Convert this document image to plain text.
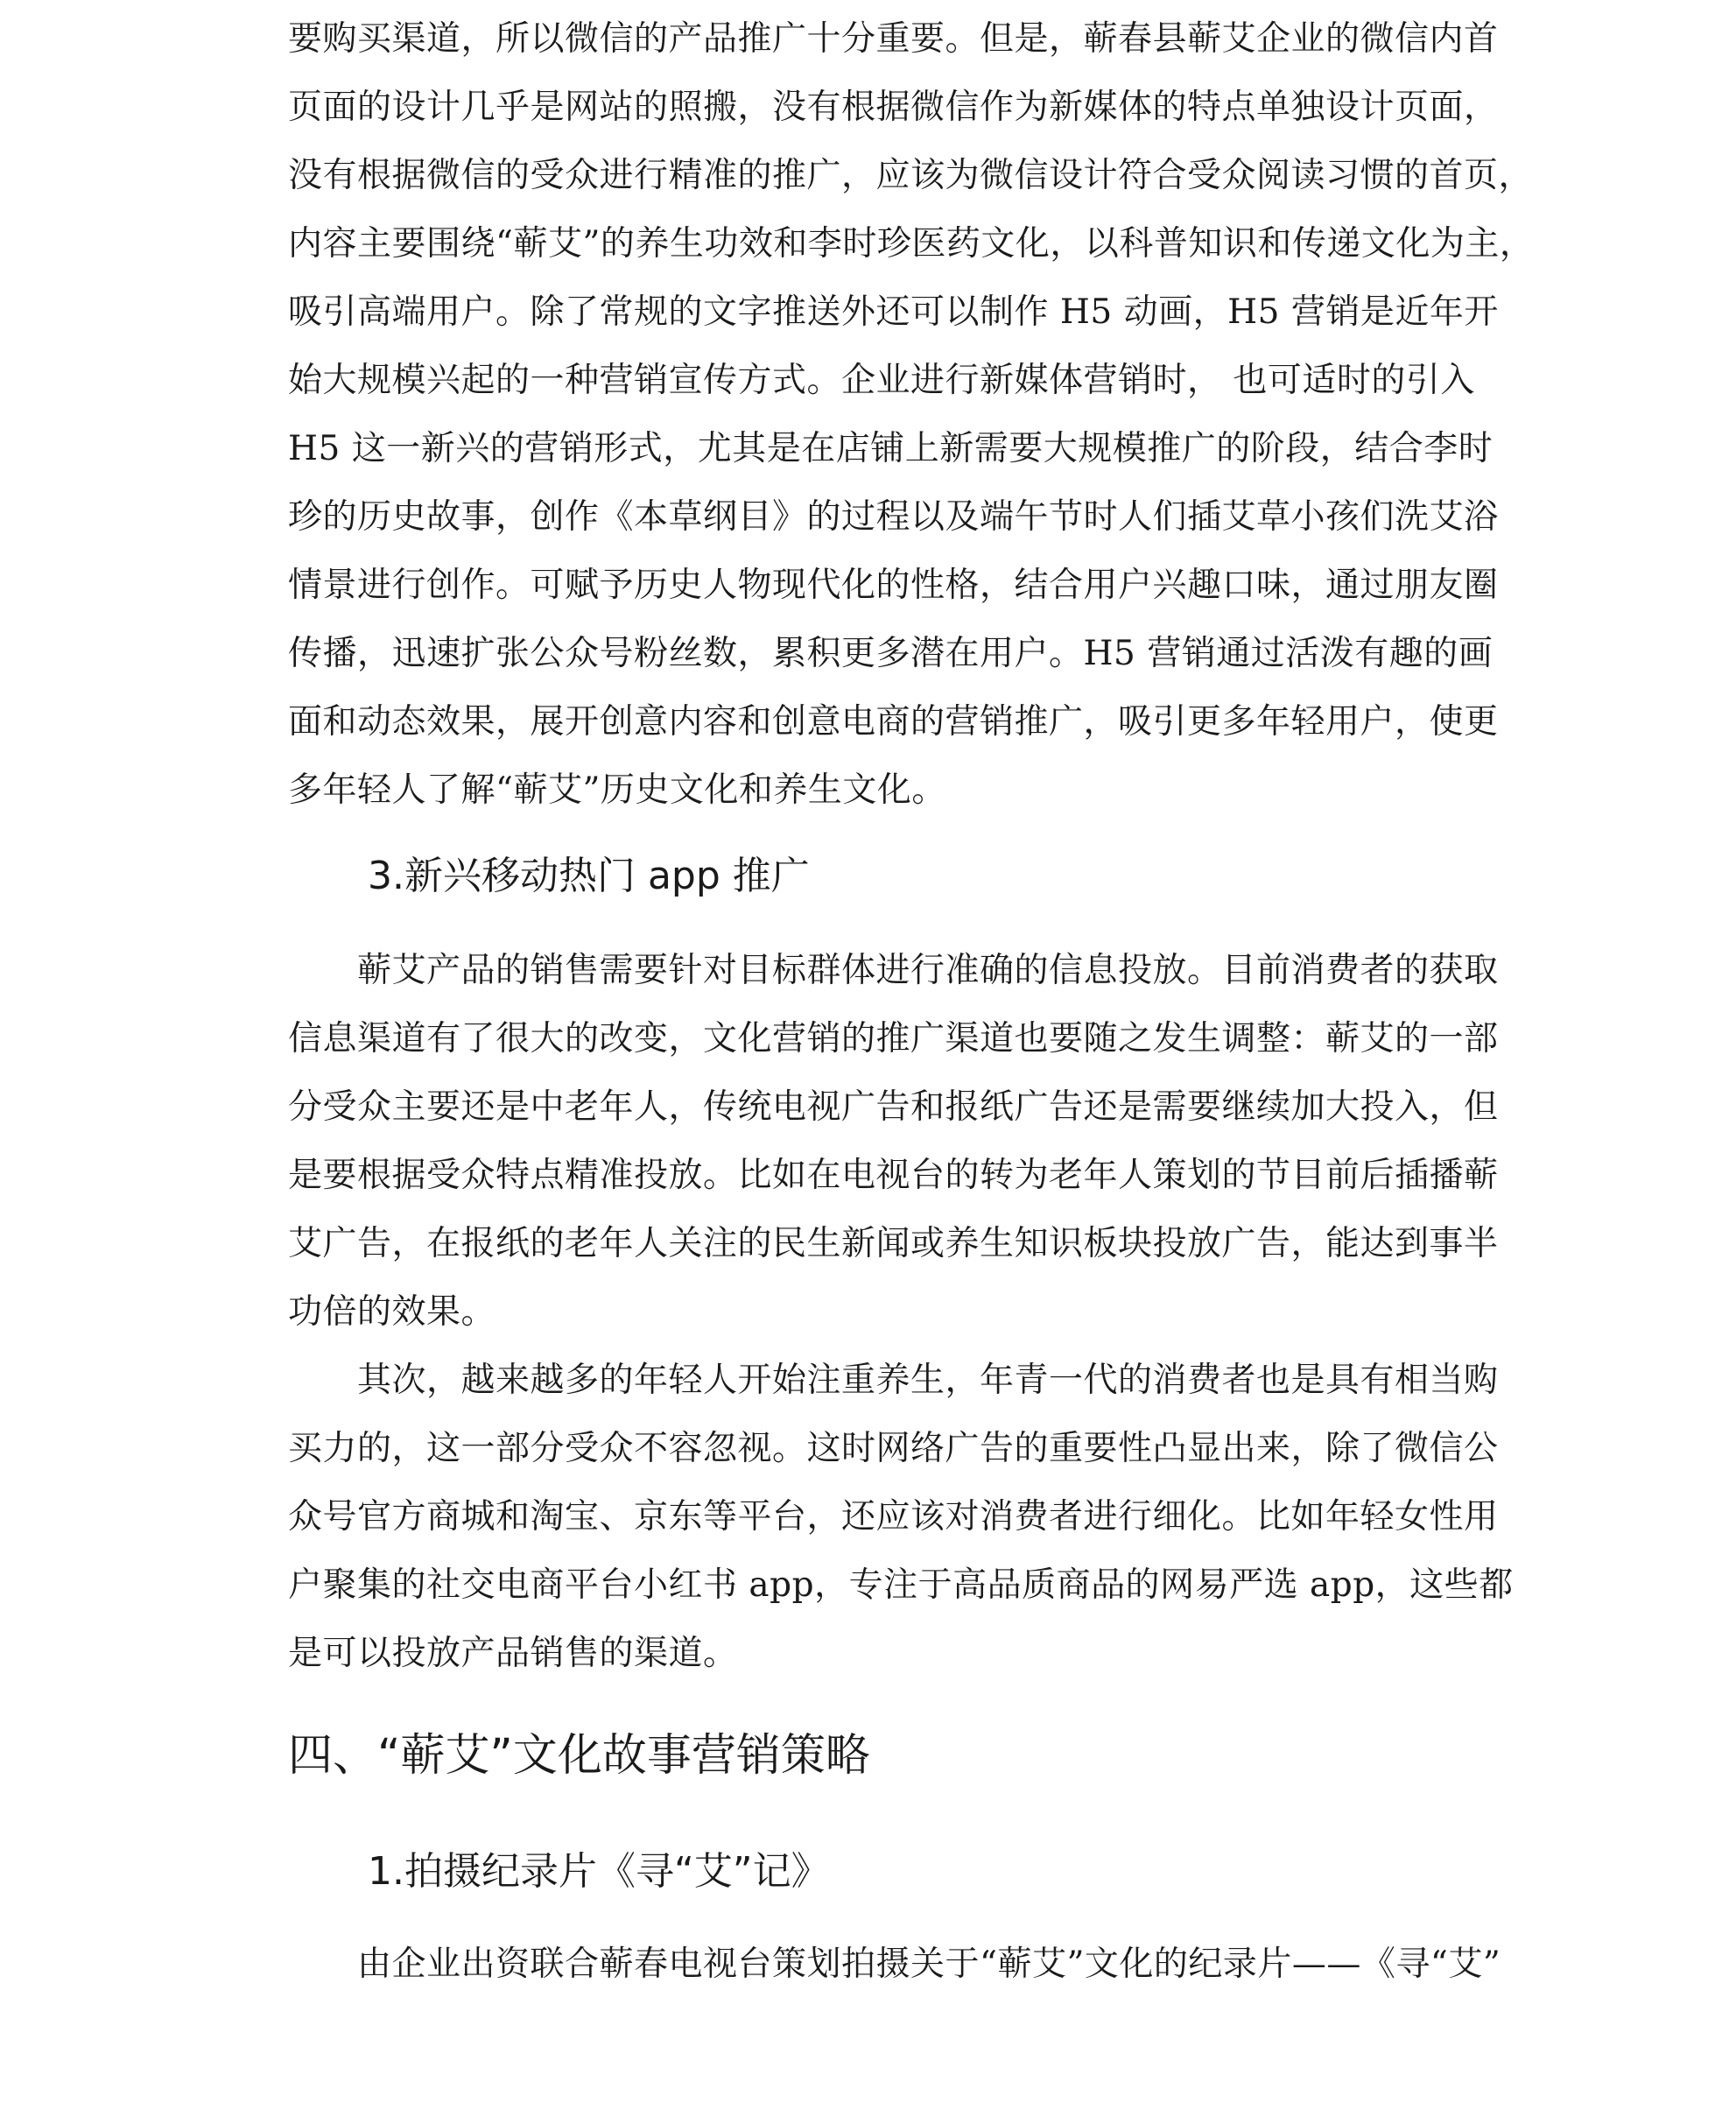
要购买渠道，所以微信的产品推广十分重要。但是，蕲春县蕲艾企业的微信内首
页面的设计几乎是网站的照搬，没有根据微信作为新媒体的特点单独设计页面，
没有根据微信的受众进行精准的推广，应该为微信设计符合受众阅读习惯的首页，
内容主要围绕“蕲艾”的养生功效和李时珍医药文化，以科普知识和传递文化为主，
吸引高端用户。除了常规的文字推送外还可以制作 H5 动画，H5 营销是近年开
始大规模兴起的一种营销宣传方式。企业进行新媒体营销时， 也可适时的引入
H5 这一新兴的营销形式，尤其是在店铺上新需要大规模推广的阶段，结合李时
珍的历史故事，创作《本草纲目》的过程以及端午节时人们插艾草小孩们洗艾浴
情景进行创作。可赋予历史人物现代化的性格，结合用户兴趣口味，通过朋友圈
传播，迅速扩张公众号粉丝数，累积更多潜在用户。H5 营销通过活泼有趣的画
面和动态效果，展开创意内容和创意电商的营销推广，吸引更多年轻用户，使更
多年轻人了解“蕲艾”历史文化和养生文化。
3.新兴移动热门 app 推广
蕲艾产品的销售需要针对目标群体进行准确的信息投放。目前消费者的获取
信息渠道有了很大的改变，文化营销的推广渠道也要随之发生调整：蕲艾的一部
分受众主要还是中老年人，传统电视广告和报纸广告还是需要继续加大投入，但
是要根据受众特点精准投放。比如在电视台的转为老年人策划的节目前后插播蕲
艾广告，在报纸的老年人关注的民生新闻或养生知识板块投放广告，能达到事半
功倍的效果。
其次，越来越多的年轻人开始注重养生，年青一代的消费者也是具有相当购
买力的，这一部分受众不容忽视。这时网络广告的重要性凸显出来，除了微信公
众号官方商城和淘宝、京东等平台，还应该对消费者进行细化。比如年轻女性用
户聚集的社交电商平台小红书 app，专注于高品质商品的网易严选 app，这些都
是可以投放产品销售的渠道。
四、“蕲艾”文化故事营销策略
1.拍摄纪录片《寻“艾”记》
由企业出资联合蕲春电视台策划拍摄关于“蕲艾”文化的纪录片——《寻“艾”
